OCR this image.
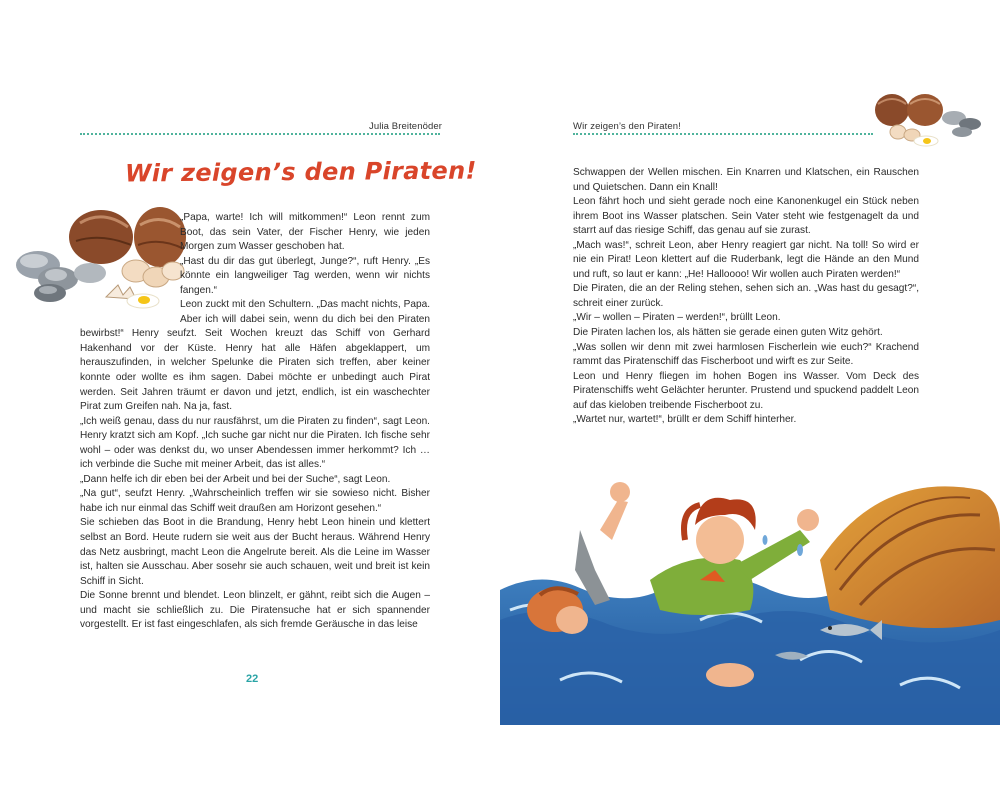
Julia Breitenöder
Wir zeigen’s den Piraten!

„Papa, warte! Ich will mitkommen!“ Leon rennt zum Boot, das sein Vater, der Fischer Henry, wie jeden Morgen zum Wasser geschoben hat.

„Hast du dir das gut überlegt, Junge?“, ruft Henry. „Es könnte ein langweiliger Tag werden, wenn wir nichts fangen.“

Leon zuckt mit den Schultern. „Das macht nichts, Papa. Aber ich will dabei sein, wenn du dich bei den Piraten bewirbst!“ Henry seufzt. Seit Wochen kreuzt das Schiff von Gerhard Hakenhand vor der Küste. Henry hat alle Häfen abgeklappert, um herauszufinden, in welcher Spelunke die Piraten sich treffen, aber keiner konnte oder wollte es ihm sagen. Dabei möchte er unbedingt auch Pirat werden. Seit Jahren träumt er davon und jetzt, endlich, ist ein waschechter Pirat zum Greifen nah. Na ja, fast.

„Ich weiß genau, dass du nur rausfährst, um die Piraten zu finden“, sagt Leon. Henry kratzt sich am Kopf. „Ich suche gar nicht nur die Piraten. Ich fische sehr wohl – oder was denkst du, wo unser Abendessen immer herkommt? Ich … ich verbinde die Suche mit meiner Arbeit, das ist alles.“

„Dann helfe ich dir eben bei der Arbeit und bei der Suche“, sagt Leon.

„Na gut“, seufzt Henry. „Wahrscheinlich treffen wir sie sowieso nicht. Bisher habe ich nur einmal das Schiff weit draußen am Horizont gesehen.“

Sie schieben das Boot in die Brandung, Henry hebt Leon hinein und klettert selbst an Bord. Heute rudern sie weit aus der Bucht heraus. Während Henry das Netz ausbringt, macht Leon die Angelrute bereit. Als die Leine im Wasser ist, halten sie Ausschau. Aber sosehr sie auch schauen, weit und breit ist kein Schiff in Sicht.

Die Sonne brennt und blendet. Leon blinzelt, er gähnt, reibt sich die Augen – und macht sie schließlich zu. Die Piratensuche hat er sich spannender vorgestellt. Er ist fast eingeschlafen, als sich fremde Geräusche in das leise

22
Wir zeigen’s den Piraten!

Schwappen der Wellen mischen. Ein Knarren und Klatschen, ein Rauschen und Quietschen. Dann ein Knall!

Leon fährt hoch und sieht gerade noch eine Kanonenkugel ein Stück neben ihrem Boot ins Wasser platschen. Sein Vater steht wie festgenagelt da und starrt auf das riesige Schiff, das genau auf sie zurast.

„Mach was!“, schreit Leon, aber Henry reagiert gar nicht. Na toll! So wird er nie ein Pirat! Leon klettert auf die Ruderbank, legt die Hände an den Mund und ruft, so laut er kann: „He! Halloooo! Wir wollen auch Piraten werden!“

Die Piraten, die an der Reling stehen, sehen sich an. „Was hast du gesagt?“, schreit einer zurück.

„Wir – wollen – Piraten – werden!“, brüllt Leon.

Die Piraten lachen los, als hätten sie gerade einen guten Witz gehört.

„Was sollen wir denn mit zwei harmlosen Fischerlein wie euch?“ Krachend rammt das Piratenschiff das Fischerboot und wirft es zur Seite.

Leon und Henry fliegen im hohen Bogen ins Wasser. Vom Deck des Piratenschiffs weht Gelächter herunter. Prustend und spuckend paddelt Leon auf das kieloben treibende Fischerboot zu.

„Wartet nur, wartet!“, brüllt er dem Schiff hinterher.
